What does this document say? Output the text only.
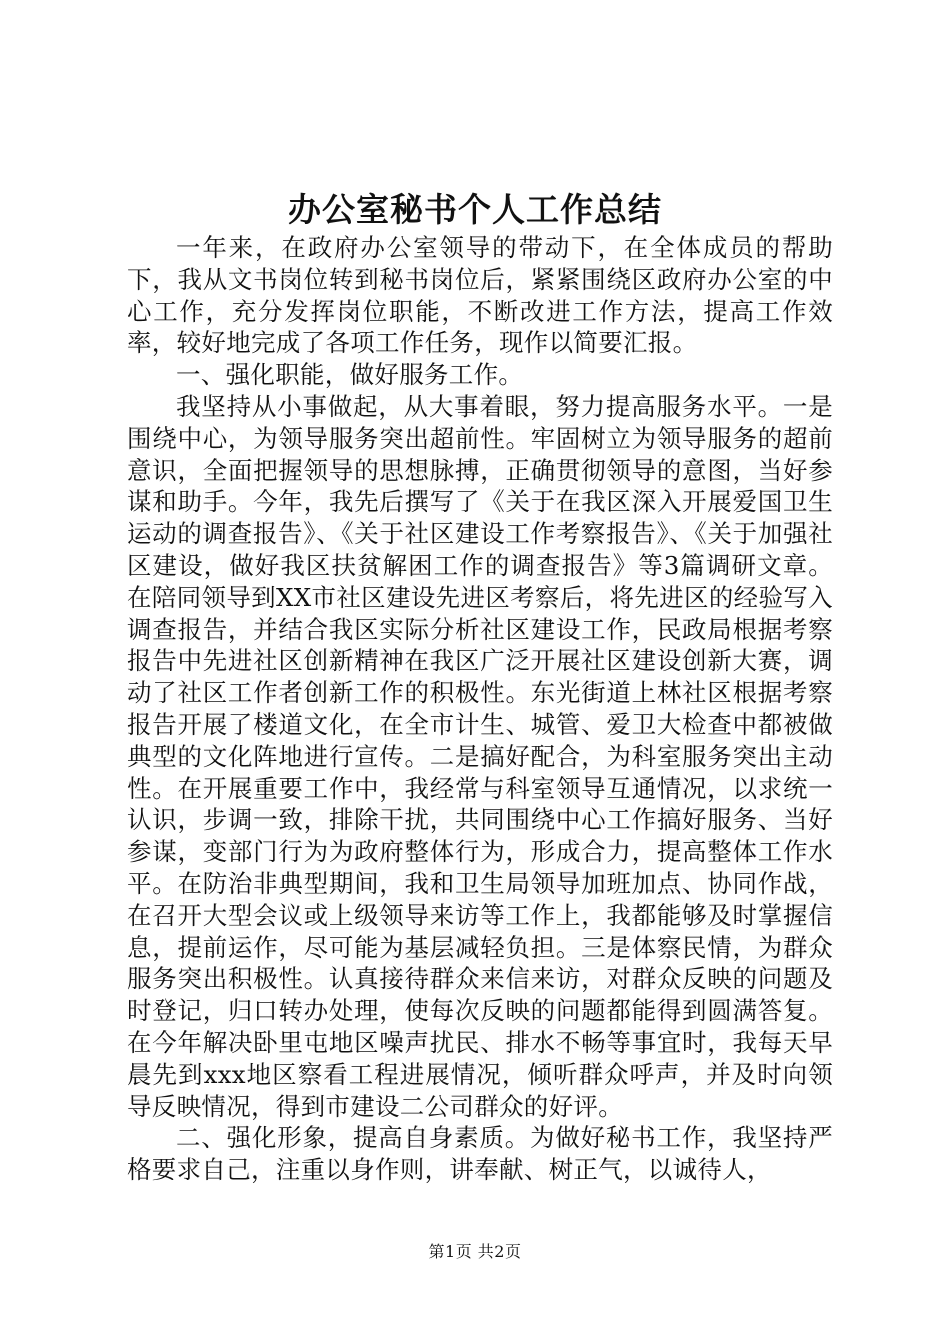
办公室秘书个人工作总结

一年来，在政府办公室领导的带动下，在全体成员的帮助下，我从文书岗位转到秘书岗位后，紧紧围绕区政府办公室的中心工作，充分发挥岗位职能，不断改进工作方法，提高工作效率，较好地完成了各项工作任务，现作以简要汇报。

一、强化职能，做好服务工作。

我坚持从小事做起，从大事着眼，努力提高服务水平。一是围绕中心，为领导服务突出超前性。牢固树立为领导服务的超前意识，全面把握领导的思想脉搏，正确贯彻领导的意图，当好参谋和助手。今年，我先后撰写了《关于在我区深入开展爱国卫生运动的调查报告》、《关于社区建设工作考察报告》、《关于加强社区建设，做好我区扶贫解困工作的调查报告》等3篇调研文章。在陪同领导到XX市社区建设先进区考察后，将先进区的经验写入调查报告，并结合我区实际分析社区建设工作，民政局根据考察报告中先进社区创新精神在我区广泛开展社区建设创新大赛，调动了社区工作者创新工作的积极性。东光街道上林社区根据考察报告开展了楼道文化，在全市计生、城管、爱卫大检查中都被做典型的文化阵地进行宣传。二是搞好配合，为科室服务突出主动性。在开展重要工作中，我经常与科室领导互通情况，以求统一认识，步调一致，排除干扰，共同围绕中心工作搞好服务、当好参谋，变部门行为为政府整体行为，形成合力，提高整体工作水平。在防治非典型期间，我和卫生局领导加班加点、协同作战，在召开大型会议或上级领导来访等工作上，我都能够及时掌握信息，提前运作，尽可能为基层减轻负担。三是体察民情，为群众服务突出积极性。认真接待群众来信来访，对群众反映的问题及时登记，归口转办处理，使每次反映的问题都能得到圆满答复。在今年解决卧里屯地区噪声扰民、排水不畅等事宜时，我每天早晨先到xxx地区察看工程进展情况，倾听群众呼声，并及时向领导反映情况，得到市建设二公司群众的好评。

二、强化形象，提高自身素质。为做好秘书工作，我坚持严格要求自己，注重以身作则，讲奉献、树正气，以诚待人，

第1页 共2页
